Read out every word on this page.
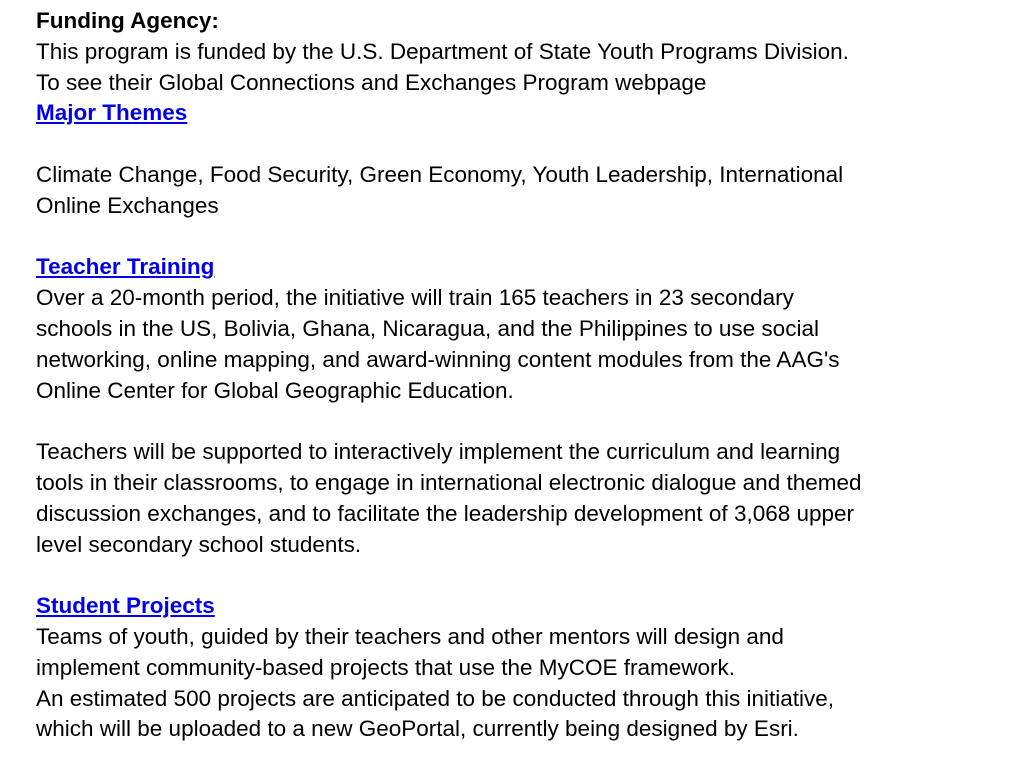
Funding Agency:
This program is funded by the U.S. Department of State Youth Programs Division.
To see their Global Connections and Exchanges Program webpage
Major Themes
Climate Change, Food Security, Green Economy, Youth Leadership, International
Online Exchanges
Teacher Training
Over a 20-month period, the initiative will train 165 teachers in 23 secondary
schools in the US, Bolivia, Ghana, Nicaragua, and the Philippines to use social
networking, online mapping, and award-winning content modules from the AAG's
Online Center for Global Geographic Education.
Teachers will be supported to interactively implement the curriculum and learning
tools in their classrooms, to engage in international electronic dialogue and themed
discussion exchanges, and to facilitate the leadership development of 3,068 upper
level secondary school students.
Student Projects
Teams of youth, guided by their teachers and other mentors will design and
implement community-based projects that use the MyCOE framework.
An estimated 500 projects are anticipated to be conducted through this initiative,
which will be uploaded to a new GeoPortal, currently being designed by Esri.
